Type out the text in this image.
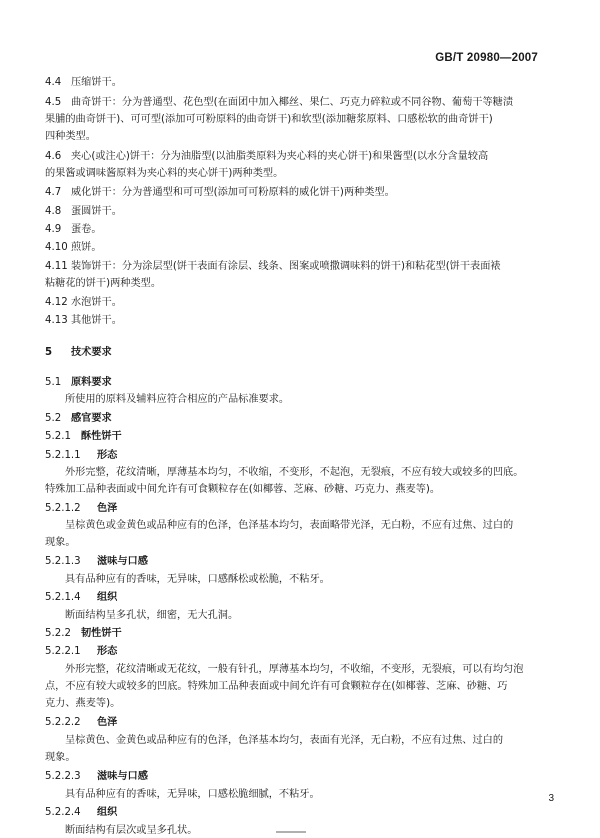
GB/T 20980—2007
4.4 压缩饼干。
4.5 曲奇饼干：分为普通型、花色型(在面团中加入椰丝、果仁、巧克力碎粒或不同谷物、葡萄干等糖渍
果脯的曲奇饼干)、可可型(添加可可粉原料的曲奇饼干)和软型(添加糖浆原料、口感松软的曲奇饼干)
四种类型。
4.6 夹心(或注心)饼干：分为油脂型(以油脂类原料为夹心料的夹心饼干)和果酱型(以水分含量较高
的果酱或调味酱原料为夹心料的夹心饼干)两种类型。
4.7 威化饼干：分为普通型和可可型(添加可可粉原料的威化饼干)两种类型。
4.8 蛋圆饼干。
4.9 蛋卷。
4.10 煎饼。
4.11 装饰饼干：分为涂层型(饼干表面有涂层、线条、图案或喷撒调味料的饼干)和粘花型(饼干表面裱
粘糖花的饼干)两种类型。
4.12 水泡饼干。
4.13 其他饼干。
5 技术要求
5.1 原料要求
所使用的原料及辅料应符合相应的产品标准要求。
5.2 感官要求
5.2.1 酥性饼干
5.2.1.1 形态
外形完整，花纹清晰，厚薄基本均匀，不收缩，不变形，不起泡，无裂痕，不应有较大或较多的凹底。
特殊加工品种表面或中间允许有可食颗粒存在(如椰蓉、芝麻、砂糖、巧克力、燕麦等)。
5.2.1.2 色泽
呈棕黄色或金黄色或品种应有的色泽，色泽基本均匀，表面略带光泽，无白粉，不应有过焦、过白的
现象。
5.2.1.3 滋味与口感
具有品种应有的香味，无异味，口感酥松或松脆，不粘牙。
5.2.1.4 组织
断面结构呈多孔状，细密，无大孔洞。
5.2.2 韧性饼干
5.2.2.1 形态
外形完整，花纹清晰或无花纹，一般有针孔，厚薄基本均匀，不收缩，不变形，无裂痕，可以有均匀泡
点，不应有较大或较多的凹底。特殊加工品种表面或中间允许有可食颗粒存在(如椰蓉、芝麻、砂糖、巧
克力、燕麦等)。
5.2.2.2 色泽
呈棕黄色、金黄色或品种应有的色泽，色泽基本均匀，表面有光泽，无白粉，不应有过焦、过白的
现象。
5.2.2.3 滋味与口感
具有品种应有的香味，无异味，口感松脆细腻，不粘牙。
5.2.2.4 组织
断面结构有层次或呈多孔状。
3
